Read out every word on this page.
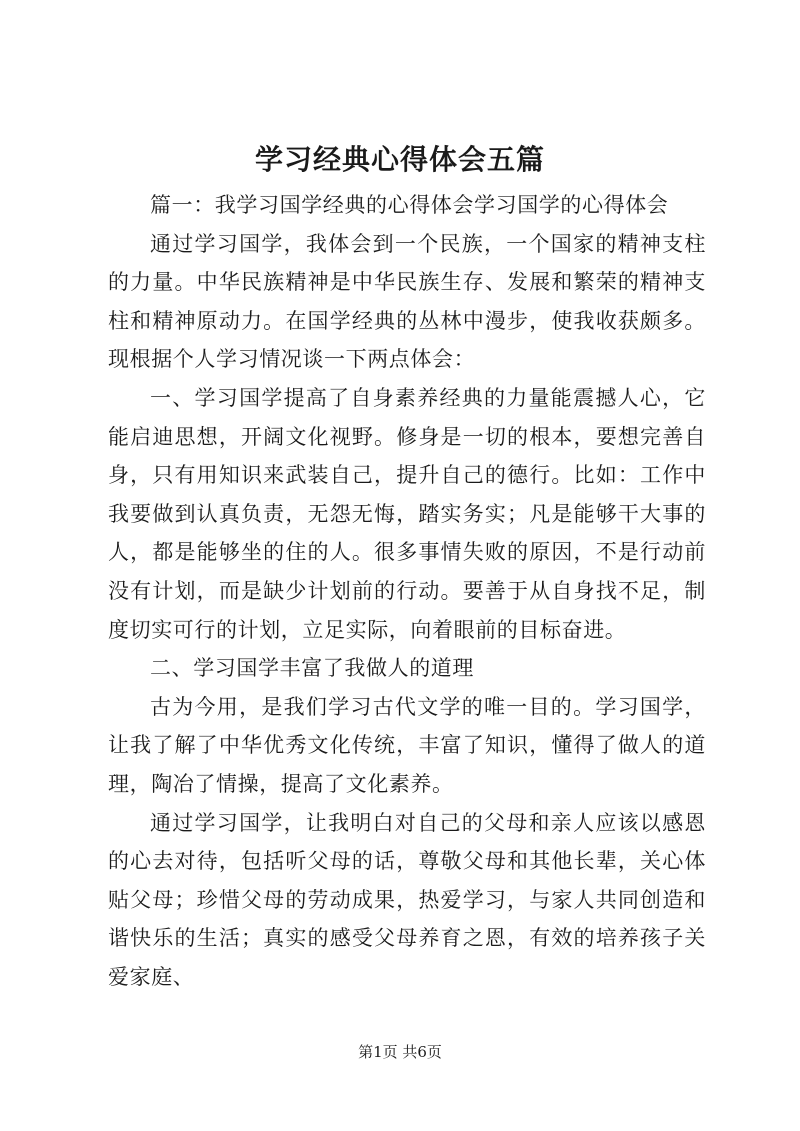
学习经典心得体会五篇

篇一：我学习国学经典的心得体会学习国学的心得体会

通过学习国学，我体会到一个民族，一个国家的精神支柱的力量。中华民族精神是中华民族生存、发展和繁荣的精神支柱和精神原动力。在国学经典的丛林中漫步，使我收获颇多。现根据个人学习情况谈一下两点体会：

一、学习国学提高了自身素养经典的力量能震撼人心，它能启迪思想，开阔文化视野。修身是一切的根本，要想完善自身，只有用知识来武装自己，提升自己的德行。比如：工作中我要做到认真负责，无怨无悔，踏实务实；凡是能够干大事的人，都是能够坐的住的人。很多事情失败的原因，不是行动前没有计划，而是缺少计划前的行动。要善于从自身找不足，制度切实可行的计划，立足实际，向着眼前的目标奋进。

二、学习国学丰富了我做人的道理

古为今用，是我们学习古代文学的唯一目的。学习国学，让我了解了中华优秀文化传统，丰富了知识，懂得了做人的道理，陶冶了情操，提高了文化素养。

通过学习国学，让我明白对自己的父母和亲人应该以感恩的心去对待，包括听父母的话，尊敬父母和其他长辈，关心体贴父母；珍惜父母的劳动成果，热爱学习，与家人共同创造和谐快乐的生活；真实的感受父母养育之恩，有效的培养孩子关爱家庭、

第1页 共6页
